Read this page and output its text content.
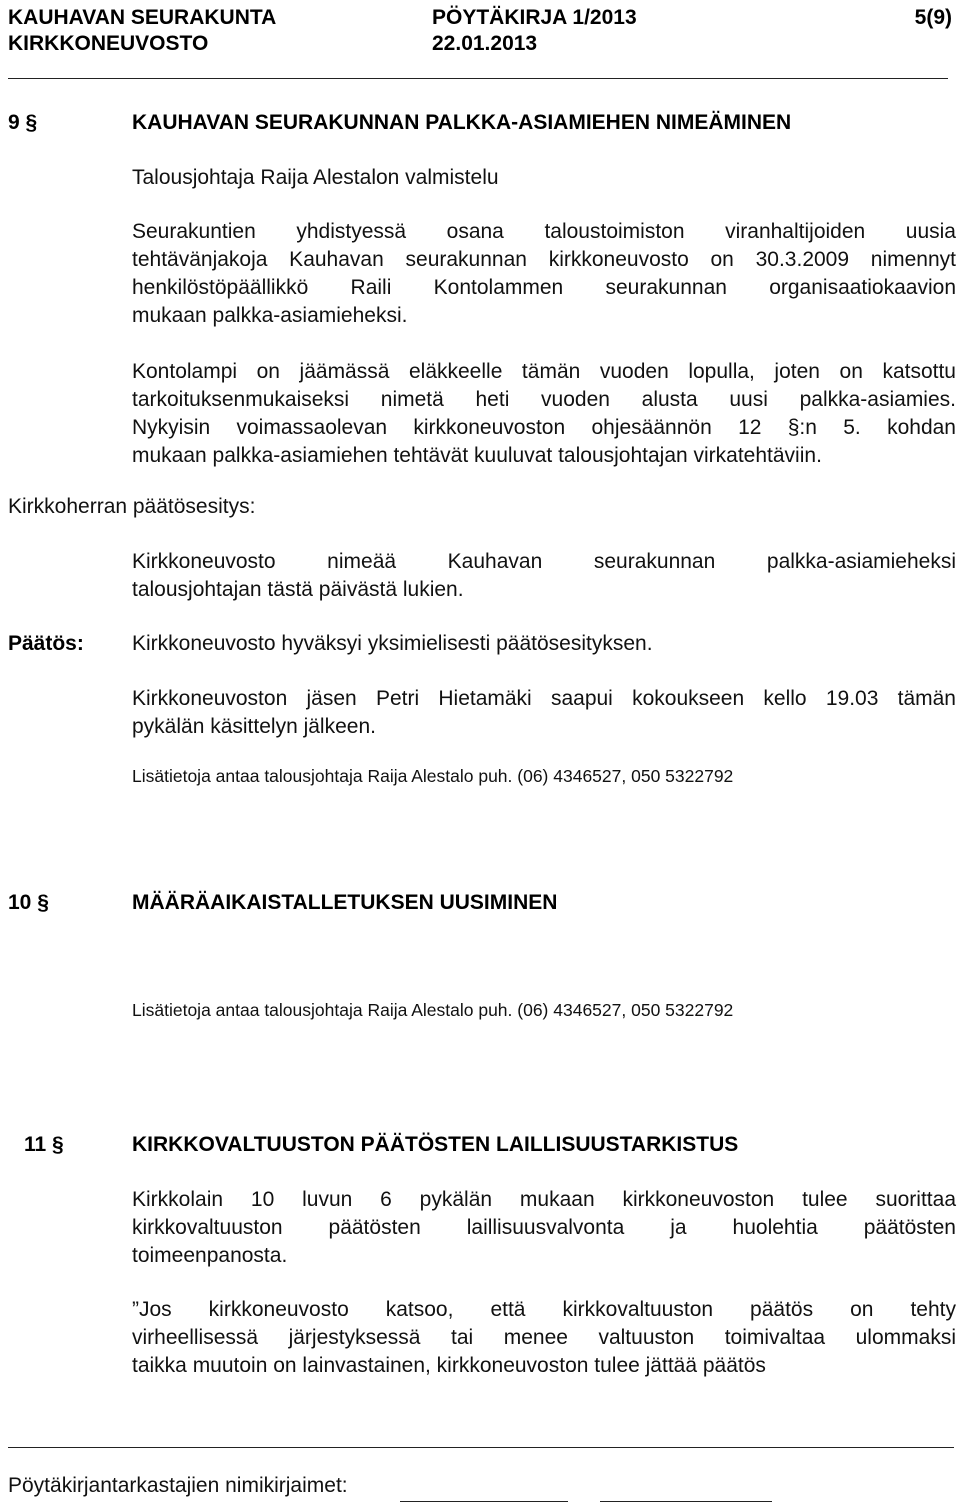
KAUHAVAN SEURAKUNTA	PÖYTÄKIRJA 1/2013	5(9)
KIRKKONEUVOSTO	22.01.2013
9 §	KAUHAVAN SEURAKUNNAN PALKKA-ASIAMIEHEN NIMEÄMINEN
Talousjohtaja Raija Alestalon valmistelu
Seurakuntien yhdistyessä osana taloustoimiston viranhaltijoiden uusia
tehtävänjakoja Kauhavan seurakunnan kirkkoneuvosto on 30.3.2009 nimennyt
henkilöstöpäällikkö Raili Kontolammen seurakunnan organisaatiokaavion
mukaan palkka-asiamieheksi.
Kontolampi on jäämässä eläkkeelle tämän vuoden lopulla, joten on katsottu
tarkoituksenmukaiseksi nimetä heti vuoden alusta uusi palkka-asiamies.
Nykyisin voimassaolevan kirkkoneuvoston ohjesäännön 12 §:n 5. kohdan
mukaan palkka-asiamiehen tehtävät kuuluvat talousjohtajan virkatehtäviin.
Kirkkoherran päätösesitys:
Kirkkoneuvosto nimeää Kauhavan seurakunnan palkka-asiamieheksi
talousjohtajan tästä päivästä lukien.
Päätös: Kirkkoneuvosto hyväksyi yksimielisesti päätösesityksen.
Kirkkoneuvoston jäsen Petri Hietamäki saapui kokoukseen kello 19.03 tämän
pykälän käsittelyn jälkeen.
Lisätietoja antaa talousjohtaja Raija Alestalo puh. (06) 4346527, 050 5322792
10 §	MÄÄRÄAIKAISTALLETUKSEN UUSIMINEN
Lisätietoja antaa talousjohtaja Raija Alestalo puh. (06) 4346527, 050 5322792
11 §	KIRKKOVALTUUSTON PÄÄTÖSTEN LAILLISUUSTARKISTUS
Kirkkolain 10 luvun 6 pykälän mukaan kirkkoneuvoston tulee suorittaa
kirkkovaltuuston päätösten laillisuusvalvonta ja huolehtia päätösten
toimeenpanosta.
”Jos kirkkoneuvosto katsoo, että kirkkovaltuuston päätös on tehty
virheellisessä järjestyksessä tai menee valtuuston toimivaltaa ulommaksi
taikka muutoin on lainvastainen, kirkkoneuvoston tulee jättää päätös
Pöytäkirjantarkastajien nimikirjaimet:
